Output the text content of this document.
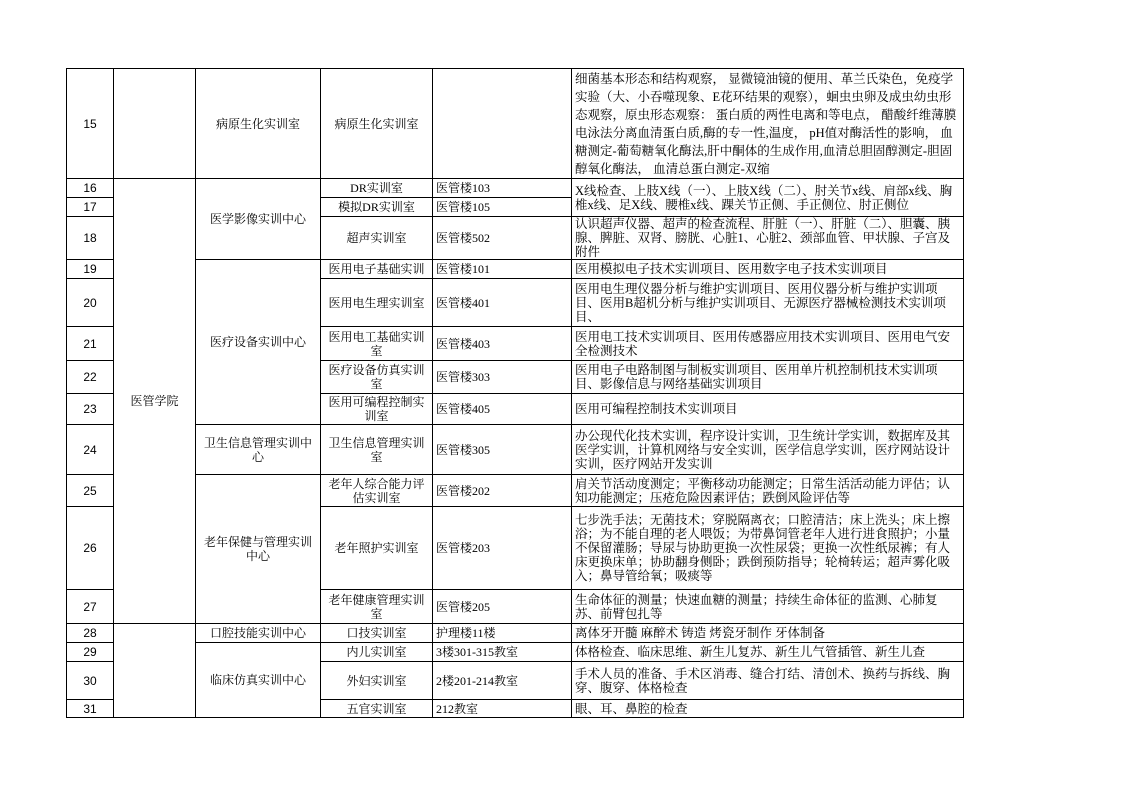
15		病原生化实训室	病原生化实训室		细菌基本形态和结构观察， 显微镜油镜的便用、革兰氏染色，免疫学实验（大、小吞噬现象、E花环结果的观察），蛔虫虫卵及成虫幼虫形态观察，原虫形态观察： 蛋白质的两性电离和等电点， 醋酸纤维薄膜电泳法分离血清蛋白质,酶的专一性,温度， pH值对酶活性的影响， 血糖测定-葡萄糖氧化酶法,肝中酮体的生成作用,血清总胆固醇测定-胆固醇氧化酶法， 血清总蛋白测定-双缩
16	医管学院	医学影像实训中心	DR实训室	医管楼103	X线检查、上肢X线（一）、上肢X线（二）、肘关节x线、肩部x线、胸椎x线、足X线、腰椎x线、踝关节正侧、手正侧位、肘正侧位
17			模拟DR实训室	医管楼105	
18			超声实训室	医管楼502	认识超声仪器、超声的检查流程、肝脏（一）、肝脏（二）、胆囊、胰腺、脾脏、双肾、膀胱、心脏1、心脏2、颈部血管、甲状腺、子宫及附件
19		医疗设备实训中心	医用电子基础实训	医管楼101	医用模拟电子技术实训项目、医用数字电子技术实训项目
20			医用电生理实训室	医管楼401	医用电生理仪器分析与维护实训项目、医用仪器分析与维护实训项目、医用B超机分析与维护实训项目、无源医疗器械检测技术实训项目、
21			医用电工基础实训室	医管楼403	医用电工技术实训项目、医用传感器应用技术实训项目、医用电气安全检测技术
22			医疗设备仿真实训室	医管楼303	医用电子电路制图与制板实训项目、医用单片机控制机技术实训项目、影像信息与网络基础实训项目
23			医用可编程控制实训室	医管楼405	医用可编程控制技术实训项目
24		卫生信息管理实训中心	卫生信息管理实训室	医管楼305	办公现代化技术实训，程序设计实训，卫生统计学实训，数据库及其医学实训，计算机网络与安全实训，医学信息学实训，医疗网站设计实训，医疗网站开发实训
25		老年保健与管理实训中心	老年人综合能力评估实训室	医管楼202	肩关节活动度测定；平衡移动功能测定；日常生活活动能力评估；认知功能测定；压疮危险因素评估；跌倒风险评估等
26			老年照护实训室	医管楼203	七步洗手法；无菌技术；穿脱隔离衣；口腔清洁；床上洗头；床上擦浴；为不能自理的老人喂饭；为带鼻饲管老年人进行进食照护；小量不保留灌肠；导尿与协助更换一次性尿袋；更换一次性纸尿裤；有人床更换床单；协助翻身侧卧；跌倒预防指导；轮椅转运；超声雾化吸入；鼻导管给氧；吸痰等
27			老年健康管理实训室	医管楼205	生命体征的测量；快速血糖的测量；持续生命体征的监测、心肺复苏、前臂包扎等
28		口腔技能实训中心	口技实训室	护理楼11楼	离体牙开髓 麻醉术 铸造 烤瓷牙制作 牙体制备
29		临床仿真实训中心	内儿实训室	3楼301-315教室	体格检查、临床思维、新生儿复苏、新生儿气管插管、新生儿查
30			外妇实训室	2楼201-214教室	手术人员的准备、手术区消毒、缝合打结、清创术、换药与拆线、胸穿、腹穿、体格检查
31			五官实训室	212教室	眼、耳、鼻腔的检查
